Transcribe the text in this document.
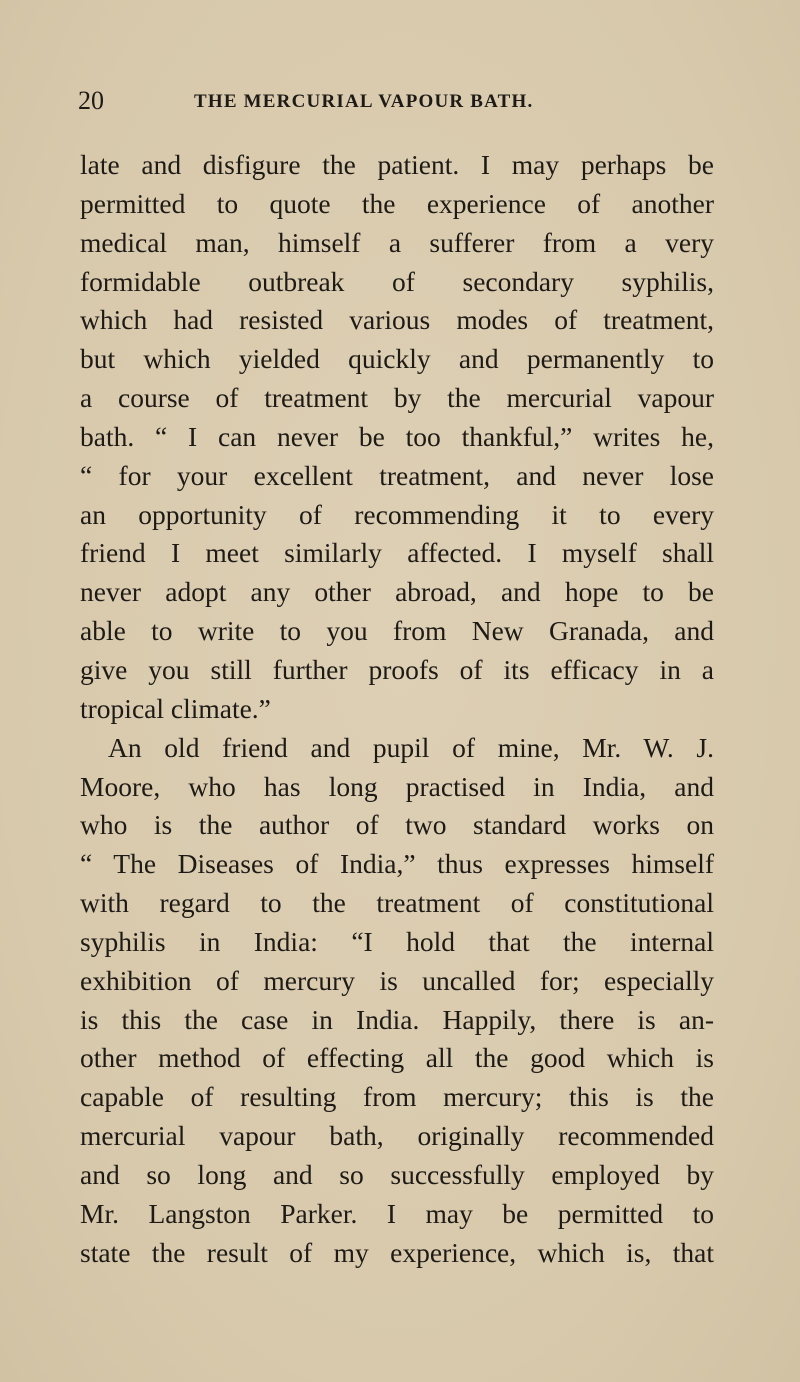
20	THE MERCURIAL VAPOUR BATH.
late and disfigure the patient. I may perhaps be
permitted to quote the experience of another
medical man, himself a sufferer from a very
formidable outbreak of secondary syphilis,
which had resisted various modes of treatment,
but which yielded quickly and permanently to
a course of treatment by the mercurial vapour
bath. “ I can never be too thankful,” writes he,
“ for your excellent treatment, and never lose
an opportunity of recommending it to every
friend I meet similarly affected. I myself shall
never adopt any other abroad, and hope to be
able to write to you from New Granada, and
give you still further proofs of its efficacy in a
tropical climate.”
An old friend and pupil of mine, Mr. W. J.
Moore, who has long practised in India, and
who is the author of two standard works on
“ The Diseases of India,” thus expresses himself
with regard to the treatment of constitutional
syphilis in India: “I hold that the internal
exhibition of mercury is uncalled for; especially
is this the case in India. Happily, there is an-
other method of effecting all the good which is
capable of resulting from mercury; this is the
mercurial vapour bath, originally recommended
and so long and so successfully employed by
Mr. Langston Parker. I may be permitted to
state the result of my experience, which is, that
